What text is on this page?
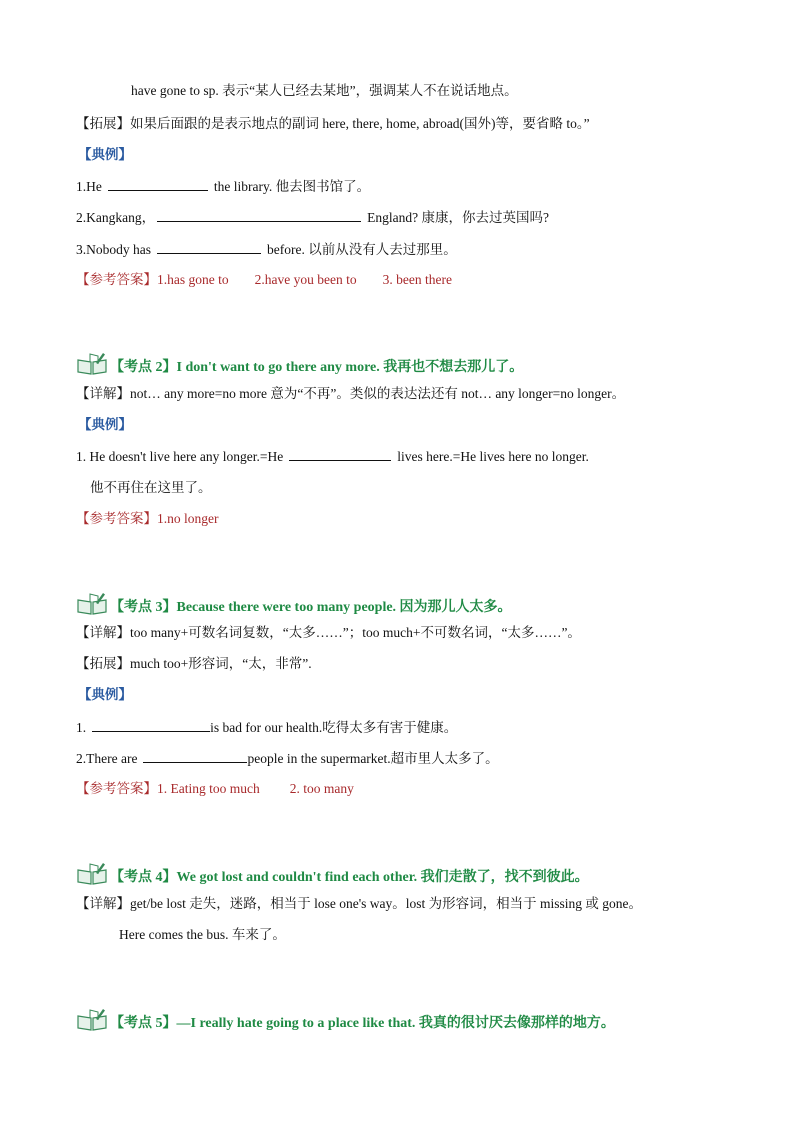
have gone to sp. 表示“某人已经去某地”，强调某人不在说话地点。
【拓展】如果后面跟的是表示地点的副词 here, there, home, abroad(国外)等，要省略 to。”
【典例】
1.He	the library. 他去图书馆了。
2.Kangkang，	England? 康康，你去过英国吗?
3.Nobody has	before. 以前从没有人去过那里。
【参考答案】1.has gone to 2.have you been to 3. been there
【考点 2】I don't want to go there any more. 我再也不想去那儿了。
【详解】not… any more=no more 意为“不再”。类似的表达法还有 not… any longer=no longer。
【典例】
1. He doesn't live here any longer.=He	lives here.=He lives here no longer.
他不再住在这里了。
【参考答案】1.no longer
【考点 3】Because there were too many people. 因为那儿人太多。
【详解】too many+可数名词复数，“太多……”；too much+不可数名词，“太多……”。
【拓展】much too+形容词，“太，非常”.
【典例】
1.	is bad for our health.吃得太多有害于健康。
2.There are	people in the supermarket.超市里人太多了。
【参考答案】1. Eating too much 2. too many
【考点 4】We got lost and couldn't find each other. 我们走散了，找不到彼此。
【详解】get/be lost 走失，迷路，相当于 lose one's way。lost 为形容词，相当于 missing 或 gone。
Here comes the bus. 车来了。
【考点 5】—I really hate going to a place like that. 我真的很讨厌去像那样的地方。
